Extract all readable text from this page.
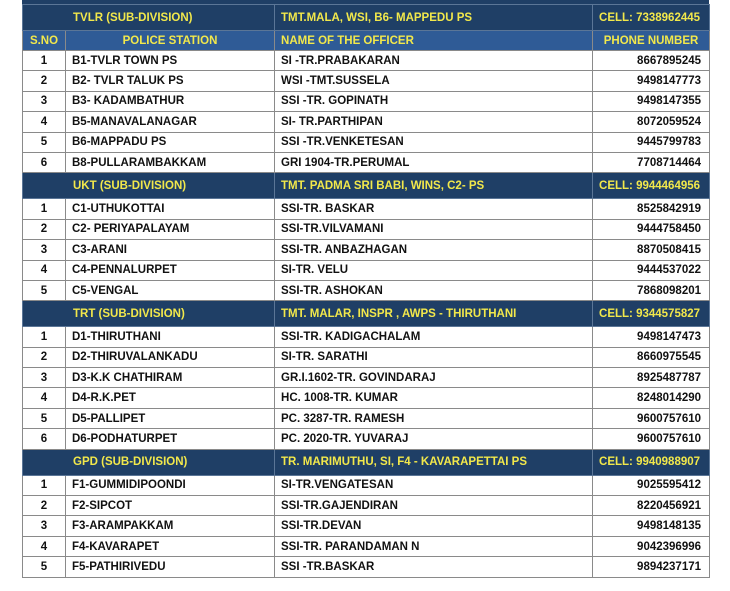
TVLR (SUB-DIVISION)		TMT.MALA, WSI, B6- MAPPEDU PS	CELL: 7338962445
S.NO	POLICE STATION	NAME OF THE OFFICER	PHONE NUMBER
1	B1-TVLR TOWN PS	SI -TR.PRABAKARAN	8667895245
2	B2- TVLR TALUK PS	WSI -TMT.SUSSELA	9498147773
3	B3- KADAMBATHUR	SSI -TR. GOPINATH	9498147355
4	B5-MANAVALANAGAR	SI- TR.PARTHIPAN	8072059524
5	B6-MAPPADU PS	SSI -TR.VENKETESAN	9445799783
6	B8-PULLARAMBAKKAM	GRI 1904-TR.PERUMAL	7708714464
UKT (SUB-DIVISION)		TMT. PADMA SRI BABI, WINS, C2- PS	CELL: 9944464956
1	C1-UTHUKOTTAI	SSI-TR. BASKAR	8525842919
2	C2- PERIYAPALAYAM	SSI-TR.VILVAMANI	9444758450
3	C3-ARANI	SSI-TR. ANBAZHAGAN	8870508415
4	C4-PENNALURPET	SI-TR. VELU	9444537022
5	C5-VENGAL	SSI-TR. ASHOKAN	7868098201
TRT (SUB-DIVISION)		TMT. MALAR, INSPR , AWPS - THIRUTHANI	CELL: 9344575827
1	D1-THIRUTHANI	SSI-TR. KADIGACHALAM	9498147473
2	D2-THIRUVALANKADU	SI-TR. SARATHI	8660975545
3	D3-K.K CHATHIRAM	GR.I.1602-TR. GOVINDARAJ	8925487787
4	D4-R.K.PET	HC. 1008-TR. KUMAR	8248014290
5	D5-PALLIPET	PC. 3287-TR. RAMESH	9600757610
6	D6-PODHATURPET	PC. 2020-TR. YUVARAJ	9600757610
GPD (SUB-DIVISION)		TR. MARIMUTHU, SI, F4 - KAVARAPETTAI PS	CELL: 9940988907
1	F1-GUMMIDIPOONDI	SI-TR.VENGATESAN	9025595412
2	F2-SIPCOT	SSI-TR.GAJENDIRAN	8220456921
3	F3-ARAMPAKKAM	SSI-TR.DEVAN	9498148135
4	F4-KAVARAPET	SSI-TR. PARANDAMAN N	9042396996
5	F5-PATHIRIVEDU	SSI -TR.BASKAR	9894237171
